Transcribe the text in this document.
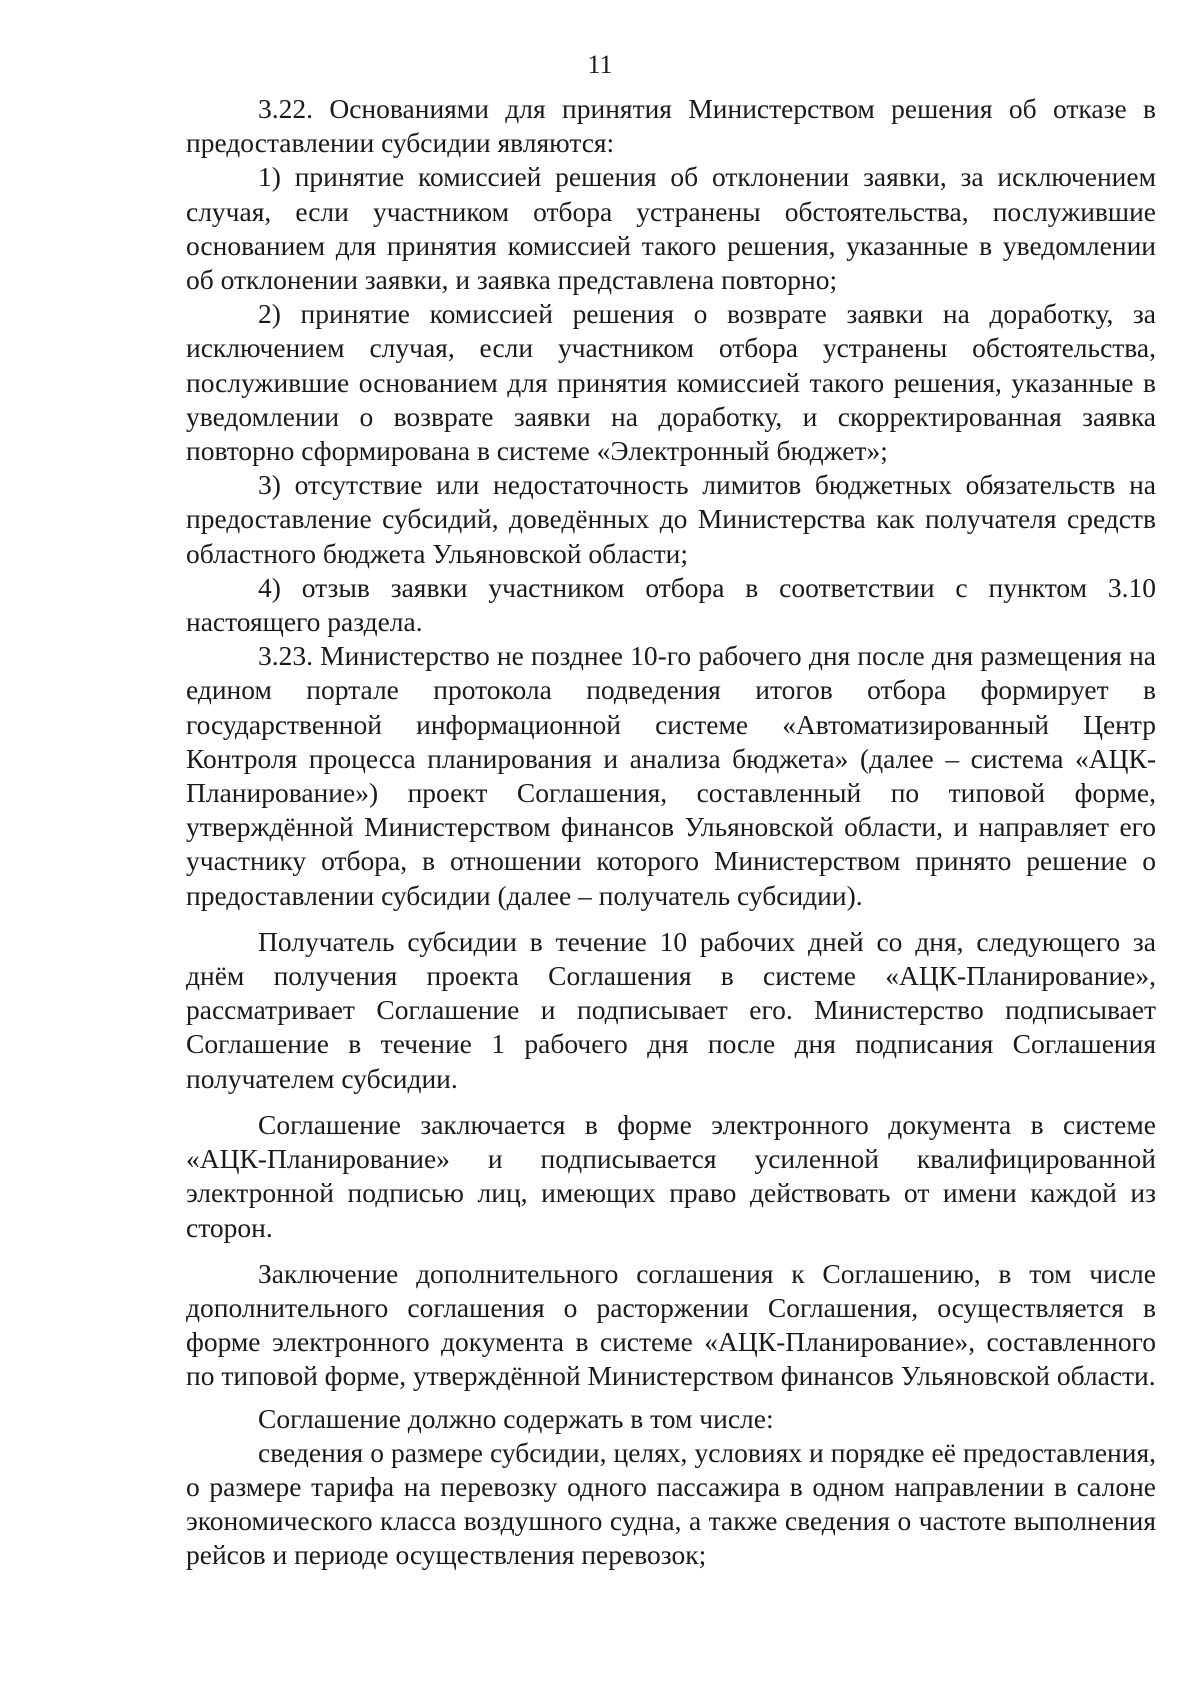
11

3.22. Основаниями для принятия Министерством решения об отказе в предоставлении субсидии являются:

1) принятие комиссией решения об отклонении заявки, за исключением случая, если участником отбора устранены обстоятельства, послужившие основанием для принятия комиссией такого решения, указанные в уведомлении об отклонении заявки, и заявка представлена повторно;

2) принятие комиссией решения о возврате заявки на доработку, за исключением случая, если участником отбора устранены обстоятельства, послужившие основанием для принятия комиссией такого решения, указанные в уведомлении о возврате заявки на доработку, и скорректированная заявка повторно сформирована в системе «Электронный бюджет»;

3) отсутствие или недостаточность лимитов бюджетных обязательств на предоставление субсидий, доведённых до Министерства как получателя средств областного бюджета Ульяновской области;

4) отзыв заявки участником отбора в соответствии с пунктом 3.10 настоящего раздела.

3.23. Министерство не позднее 10-го рабочего дня после дня размещения на едином портале протокола подведения итогов отбора формирует в государственной информационной системе «Автоматизированный Центр Контроля процесса планирования и анализа бюджета» (далее – система «АЦК-Планирование») проект Соглашения, составленный по типовой форме, утверждённой Министерством финансов Ульяновской области, и направляет его участнику отбора, в отношении которого Министерством принято решение о предоставлении субсидии (далее – получатель субсидии).

Получатель субсидии в течение 10 рабочих дней со дня, следующего за днём получения проекта Соглашения в системе «АЦК-Планирование», рассматривает Соглашение и подписывает его. Министерство подписывает Соглашение в течение 1 рабочего дня после дня подписания Соглашения получателем субсидии.

Соглашение заключается в форме электронного документа в системе «АЦК-Планирование» и подписывается усиленной квалифицированной электронной подписью лиц, имеющих право действовать от имени каждой из сторон.

Заключение дополнительного соглашения к Соглашению, в том числе дополнительного соглашения о расторжении Соглашения, осуществляется в форме электронного документа в системе «АЦК-Планирование», составленного по типовой форме, утверждённой Министерством финансов Ульяновской области.

Соглашение должно содержать в том числе:

сведения о размере субсидии, целях, условиях и порядке её предоставления, о размере тарифа на перевозку одного пассажира в одном направлении в салоне экономического класса воздушного судна, а также сведения о частоте выполнения рейсов и периоде осуществления перевозок;
